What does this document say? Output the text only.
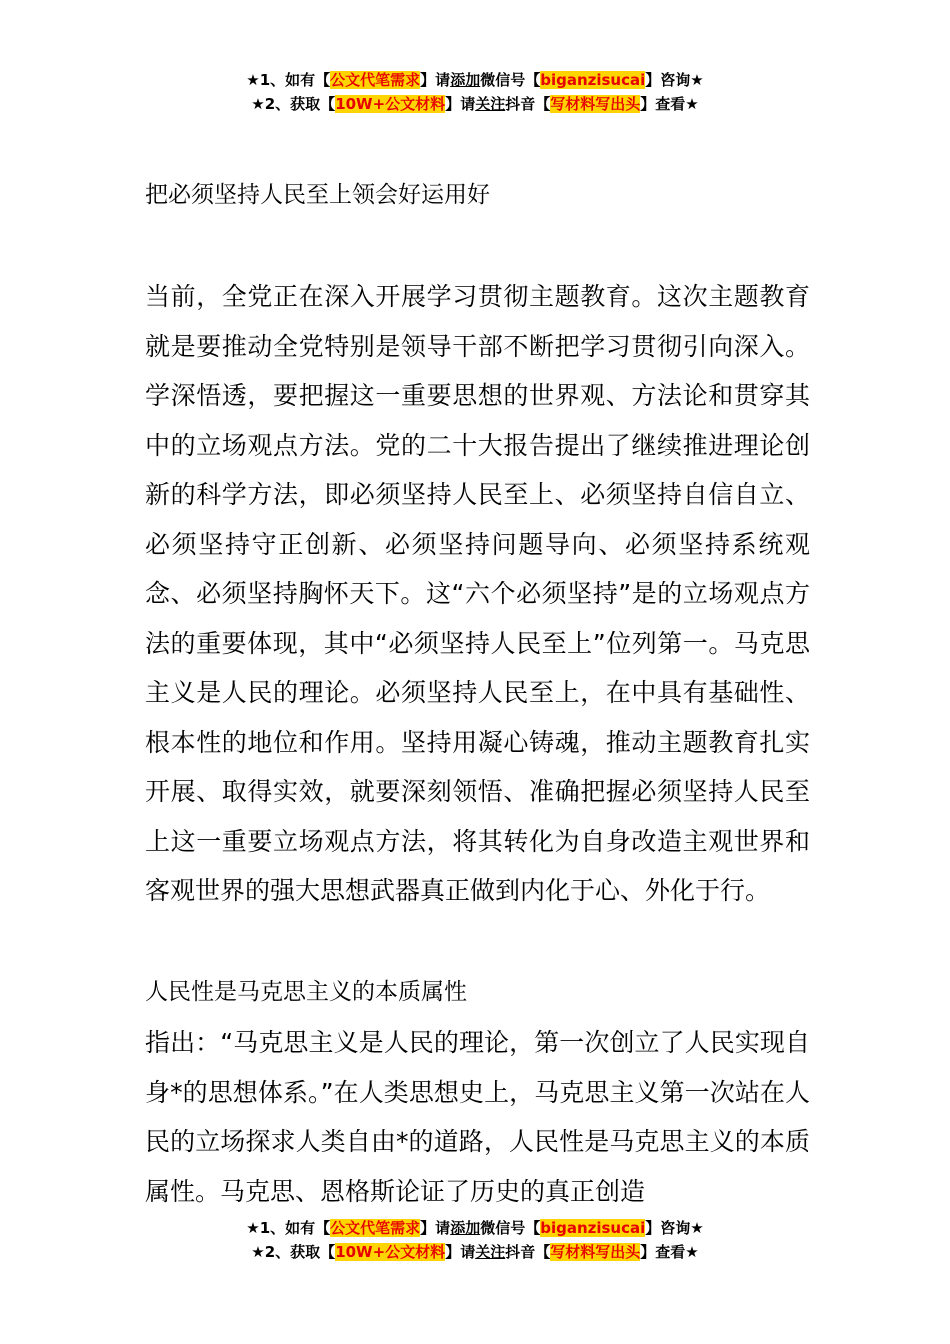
★1、如有【公文代笔需求】请添加微信号【biganzisucai】咨询★
★2、获取【10W+公文材料】请关注抖音【写材料写出头】查看★
把必须坚持人民至上领会好运用好
当前，全党正在深入开展学习贯彻主题教育。这次主题教育就是要推动全党特别是领导干部不断把学习贯彻引向深入。学深悟透，要把握这一重要思想的世界观、方法论和贯穿其中的立场观点方法。党的二十大报告提出了继续推进理论创新的科学方法，即必须坚持人民至上、必须坚持自信自立、必须坚持守正创新、必须坚持问题导向、必须坚持系统观念、必须坚持胸怀天下。这“六个必须坚持”是的立场观点方法的重要体现，其中“必须坚持人民至上”位列第一。马克思主义是人民的理论。必须坚持人民至上，在中具有基础性、根本性的地位和作用。坚持用凝心铸魂，推动主题教育扎实开展、取得实效，就要深刻领悟、准确把握必须坚持人民至上这一重要立场观点方法，将其转化为自身改造主观世界和客观世界的强大思想武器真正做到内化于心、外化于行。
人民性是马克思主义的本质属性
指出：“马克思主义是人民的理论，第一次创立了人民实现自身*的思想体系。”在人类思想史上，马克思主义第一次站在人民的立场探求人类自由*的道路，人民性是马克思主义的本质属性。马克思、恩格斯论证了历史的真正创造
★1、如有【公文代笔需求】请添加微信号【biganzisucai】咨询★
★2、获取【10W+公文材料】请关注抖音【写材料写出头】查看★
